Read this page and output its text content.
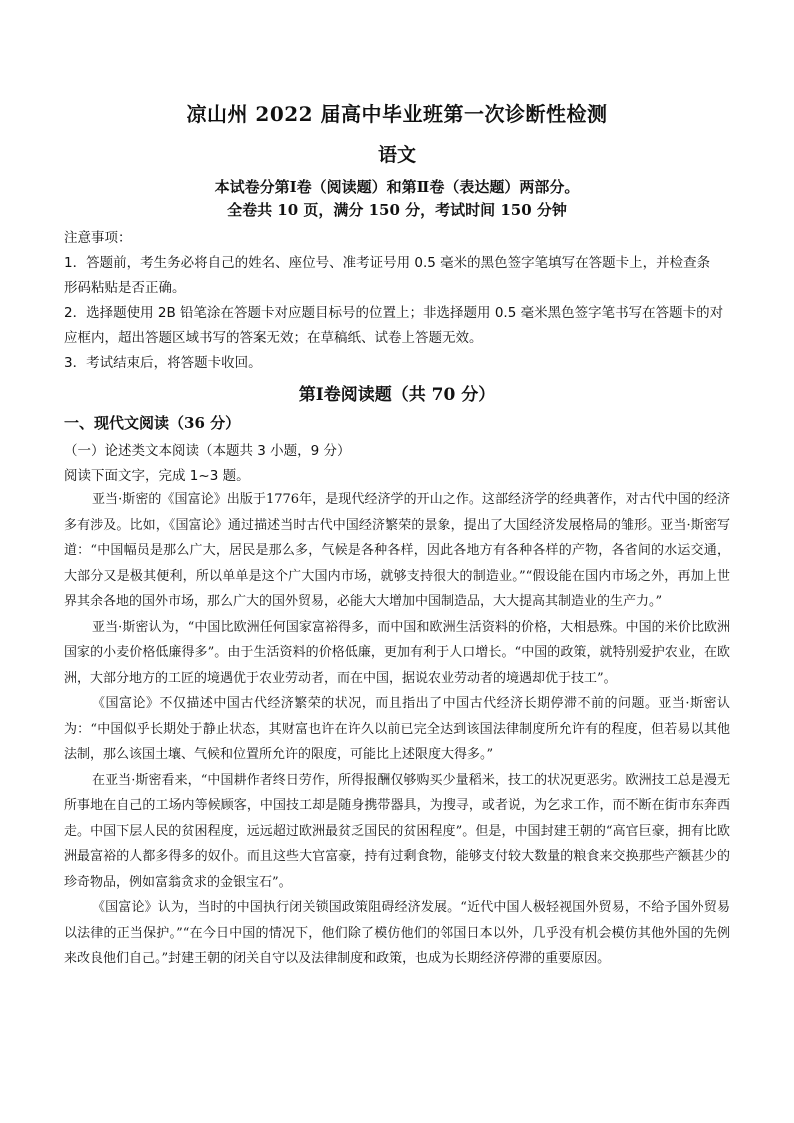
凉山州 2022 届高中毕业班第一次诊断性检测
语文
本试卷分第Ⅰ卷（阅读题）和第Ⅱ卷（表达题）两部分。
全卷共 10 页，满分 150 分，考试时间 150 分钟
注意事项：
1．答题前，考生务必将自己的姓名、座位号、准考证号用 0.5 毫米的黑色签字笔填写在答题卡上，并检查条
形码粘贴是否正确。
2．选择题使用 2B 铅笔涂在答题卡对应题目标号的位置上；非选择题用 0.5 毫米黑色签字笔书写在答题卡的对
应框内，超出答题区域书写的答案无效；在草稿纸、试卷上答题无效。
3．考试结束后，将答题卡收回。
第Ⅰ卷阅读题（共 70 分）
一、现代文阅读（36 分）
（一）论述类文本阅读（本题共 3 小题，9 分）
阅读下面文字，完成 1~3 题。

亚当·斯密的《国富论》出版于1776年，是现代经济学的开山之作。这部经济学的经典著作，对古代中国的经济多有涉及。比如，《国富论》通过描述当时古代中国经济繁荣的景象，提出了大国经济发展格局的雏形。亚当·斯密写道：“中国幅员是那么广大，居民是那么多，气候是各种各样，因此各地方有各种各样的产物，各省间的水运交通，大部分又是极其便利，所以单单是这个广大国内市场，就够支持很大的制造业。”“假设能在国内市场之外，再加上世界其余各地的国外市场，那么广大的国外贸易，必能大大增加中国制造品，大大提高其制造业的生产力。”

亚当·斯密认为，“中国比欧洲任何国家富裕得多，而中国和欧洲生活资料的价格，大相悬殊。中国的米价比欧洲国家的小麦价格低廉得多”。由于生活资料的价格低廉，更加有利于人口增长。“中国的政策，就特别爱护农业，在欧洲，大部分地方的工匠的境遇优于农业劳动者，而在中国，据说农业劳动者的境遇却优于技工”。

《国富论》不仅描述中国古代经济繁荣的状况，而且指出了中国古代经济长期停滞不前的问题。亚当·斯密认为：“中国似乎长期处于静止状态，其财富也许在许久以前已完全达到该国法律制度所允许有的程度，但若易以其他法制，那么该国土壤、气候和位置所允许的限度，可能比上述限度大得多。”

在亚当·斯密看来，“中国耕作者终日劳作，所得报酬仅够购买少量稻米，技工的状况更恶劣。欧洲技工总是漫无所事地在自己的工场内等候顾客，中国技工却是随身携带器具，为搜寻，或者说，为乞求工作，而不断在街市东奔西走。中国下层人民的贫困程度，远远超过欧洲最贫乏国民的贫困程度”。但是，中国封建王朝的“高官巨豪，拥有比欧洲最富裕的人都多得多的奴仆。而且这些大官富豪，持有过剩食物，能够支付较大数量的粮食来交换那些产额甚少的珍奇物品，例如富翁贪求的金银宝石”。

《国富论》认为，当时的中国执行闭关锁国政策阻碍经济发展。“近代中国人极轻视国外贸易，不给予国外贸易以法律的正当保护。”“在今日中国的情况下，他们除了模仿他们的邻国日本以外，几乎没有机会模仿其他外国的先例来改良他们自己。”封建王朝的闭关自守以及法律制度和政策，也成为长期经济停滞的重要原因。
